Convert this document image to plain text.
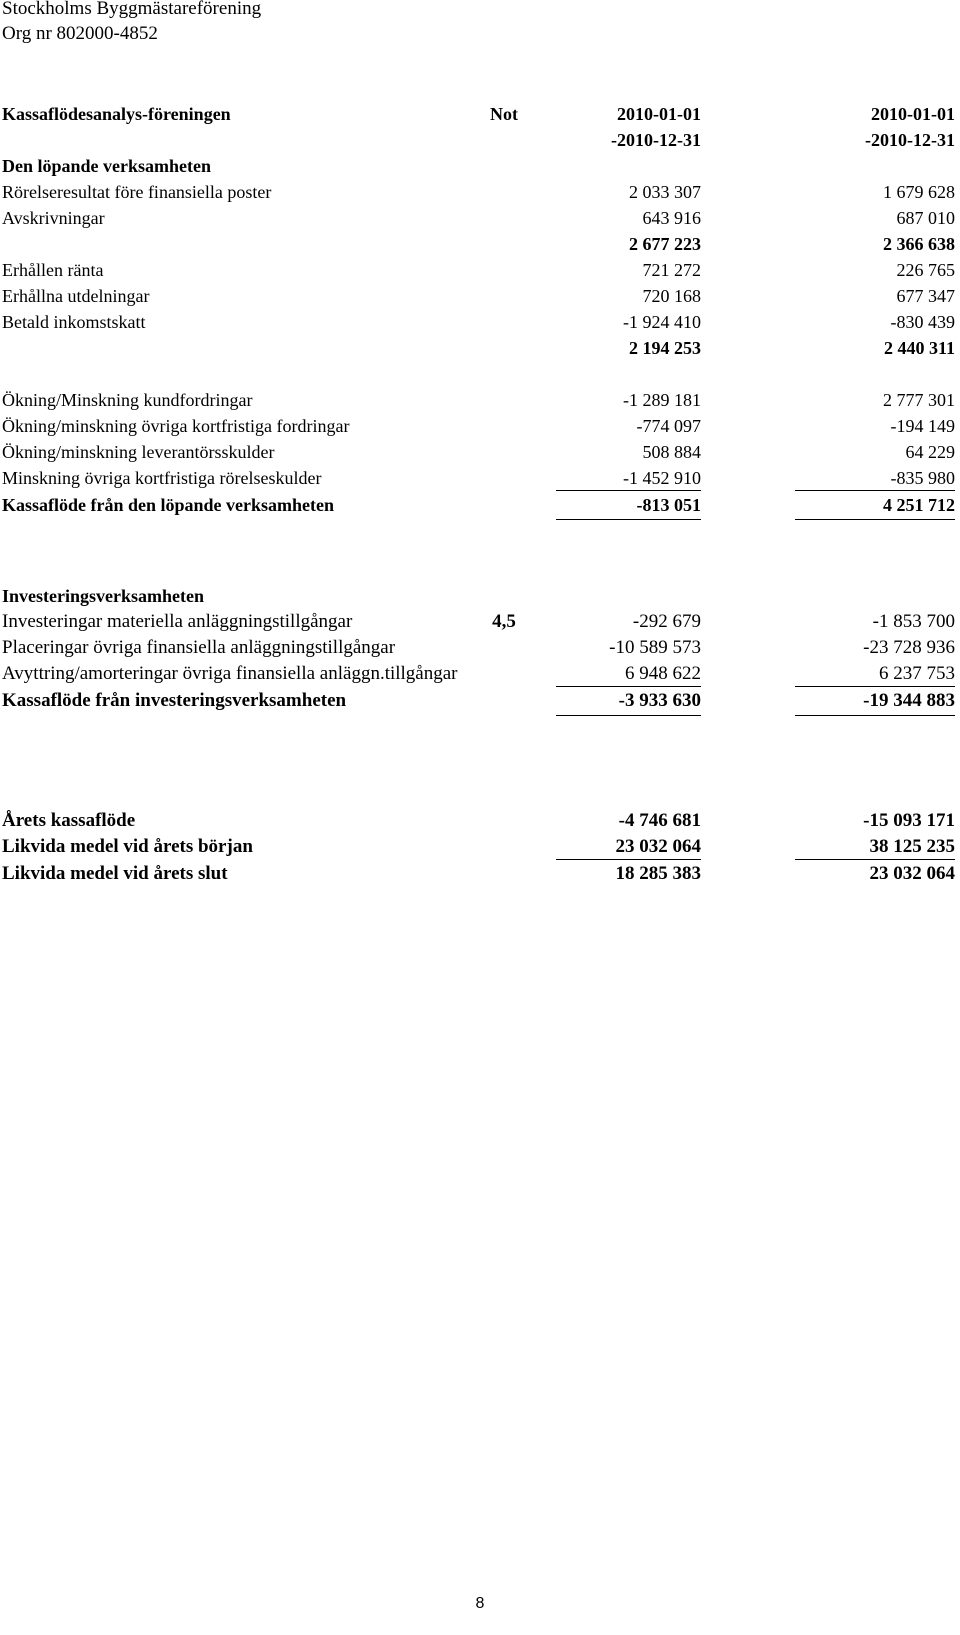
Stockholms Byggmästareförening
Org nr 802000-4852
Kassaflödesanalys-föreningen	Not	2010-01-01	2010-01-01
-2010-12-31	-2010-12-31
Den löpande verksamheten
Rörelseresultat före finansiella poster	2 033 307	1 679 628
Avskrivningar	643 916	687 010
2 677 223	2 366 638
Erhållen ränta	721 272	226 765
Erhållna utdelningar	720 168	677 347
Betald inkomstskatt	-1 924 410	-830 439
2 194 253	2 440 311
Ökning/Minskning kundfordringar	-1 289 181	2 777 301
Ökning/minskning övriga kortfristiga fordringar	-774 097	-194 149
Ökning/minskning leverantörsskulder	508 884	64 229
Minskning övriga kortfristiga rörelseskulder	-1 452 910	-835 980
Kassaflöde från den löpande verksamheten	-813 051	4 251 712
Investeringsverksamheten
Investeringar materiella anläggningstillgångar	4,5	-292 679	-1 853 700
Placeringar övriga finansiella anläggningstillgångar	-10 589 573	-23 728 936
Avyttring/amorteringar övriga finansiella anläggn.tillgångar	6 948 622	6 237 753
Kassaflöde från investeringsverksamheten	-3 933 630	-19 344 883
Årets kassaflöde	-4 746 681	-15 093 171
Likvida medel vid årets början	23 032 064	38 125 235
Likvida medel vid årets slut	18 285 383	23 032 064
8
